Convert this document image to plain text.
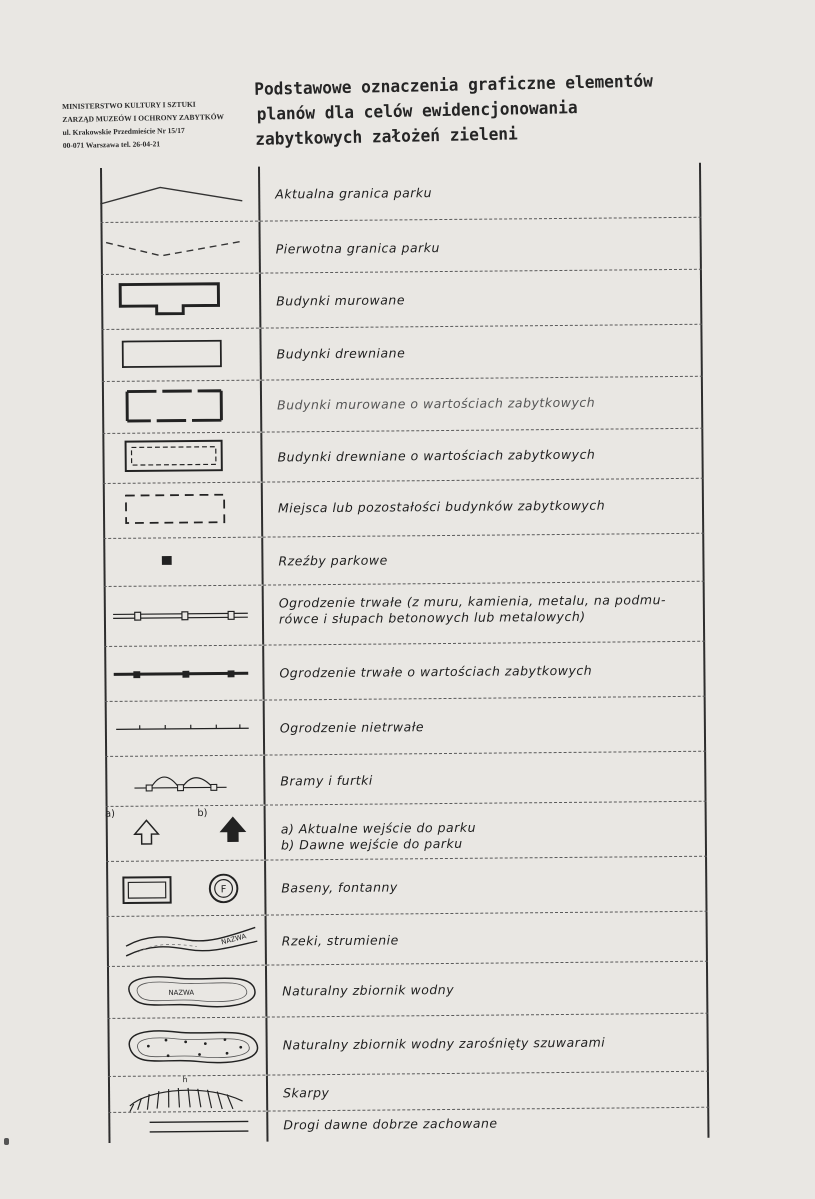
MINISTERSTWO KULTURY I SZTUKI
ZARZĄD MUZEÓW I OCHRONY ZABYTKÓW
ul. Krakowskie Przedmieście Nr 15/17
00-071 Warszawa tel. 26-04-21
Podstawowe oznaczenia graficzne elementów
planów dla celów ewidencjonowania
zabytkowych założeń zieleni
Aktualna granica parku
Pierwotna granica parku
Budynki murowane
Budynki drewniane
Budynki murowane o wartościach zabytkowych
Budynki drewniane o wartościach zabytkowych
Miejsca lub pozostałości budynków zabytkowych
Rzeźby parkowe
Ogrodzenie trwałe (z muru, kamienia, metalu, na podmu-
rówce i słupach betonowych lub metalowych)
Ogrodzenie trwałe o wartościach zabytkowych
Ogrodzenie nietrwałe
Bramy i furtki
a)	b)
a) Aktualne wejście do parku
b) Dawne wejście do parku
F	Baseny, fontanny
NAZWA	Rzeki, strumienie
NAZWA	Naturalny zbiornik wodny
Naturalny zbiornik wodny zarośnięty szuwarami
h
Skarpy
Drogi dawne dobrze zachowane
